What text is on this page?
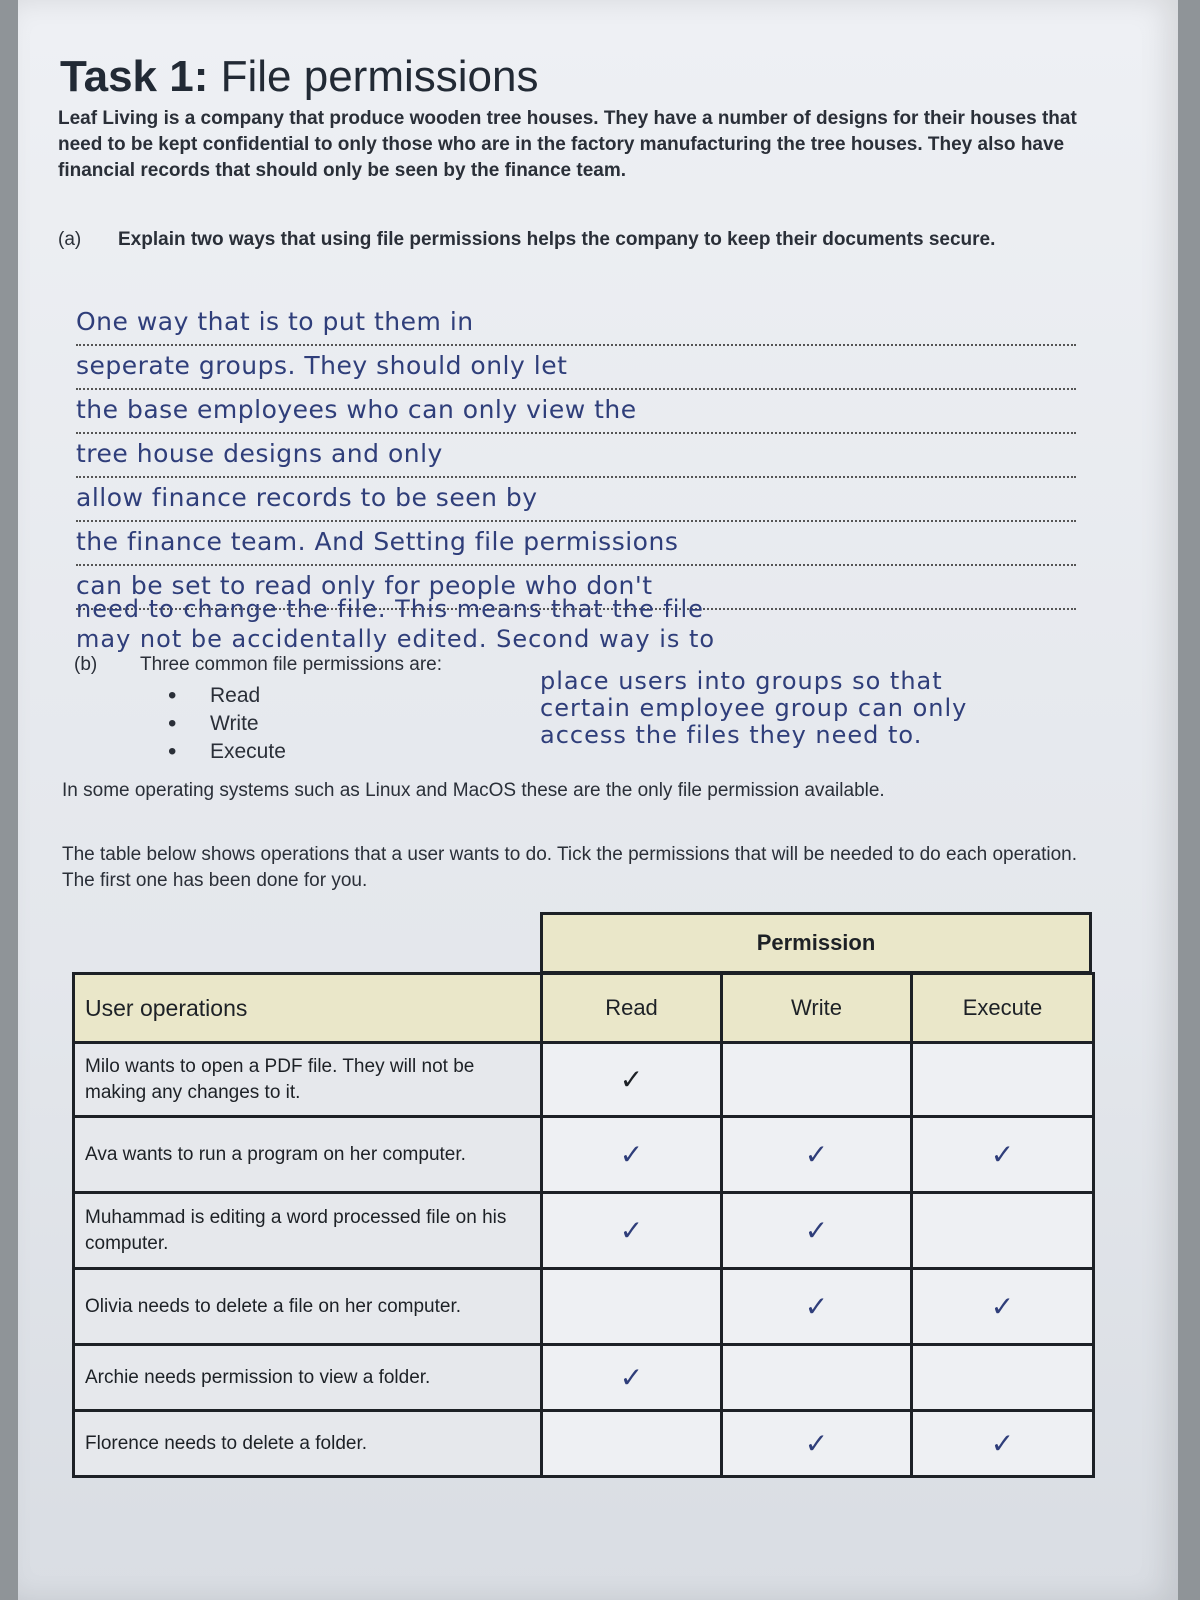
Task 1: File permissions

Leaf Living is a company that produce wooden tree houses. They have a number of designs for their houses that need to be kept confidential to only those who are in the factory manufacturing the tree houses. They also have financial records that should only be seen by the finance team.

(a) Explain two ways that using file permissions helps the company to keep their documents secure.
One way that is to put them in
seperate groups. They should only let
the base employees who can only view the
tree house designs and only
allow finance records to be seen by
the finance team. And Setting file permissions
can be set to read only for people who don't
need to change the file. This means that the file
may not be accidentally edited. Second way is to
(b) Three common file permissions are:
• Read
• Write
• Execute
place users into groups so that
certain employee group can only
access the files they need to.

In some operating systems such as Linux and MacOS these are the only file permission available.

The table below shows operations that a user wants to do. Tick the permissions that will be needed to do each operation. The first one has been done for you.

Permission
User operations	Read	Write	Execute
Milo wants to open a PDF file. They will not be making any changes to it.	✓		
Ava wants to run a program on her computer.	✓	✓	✓
Muhammad is editing a word processed file on his computer.	✓	✓	
Olivia needs to delete a file on her computer.		✓	✓
Archie needs permission to view a folder.	✓		
Florence needs to delete a folder.		✓	✓
